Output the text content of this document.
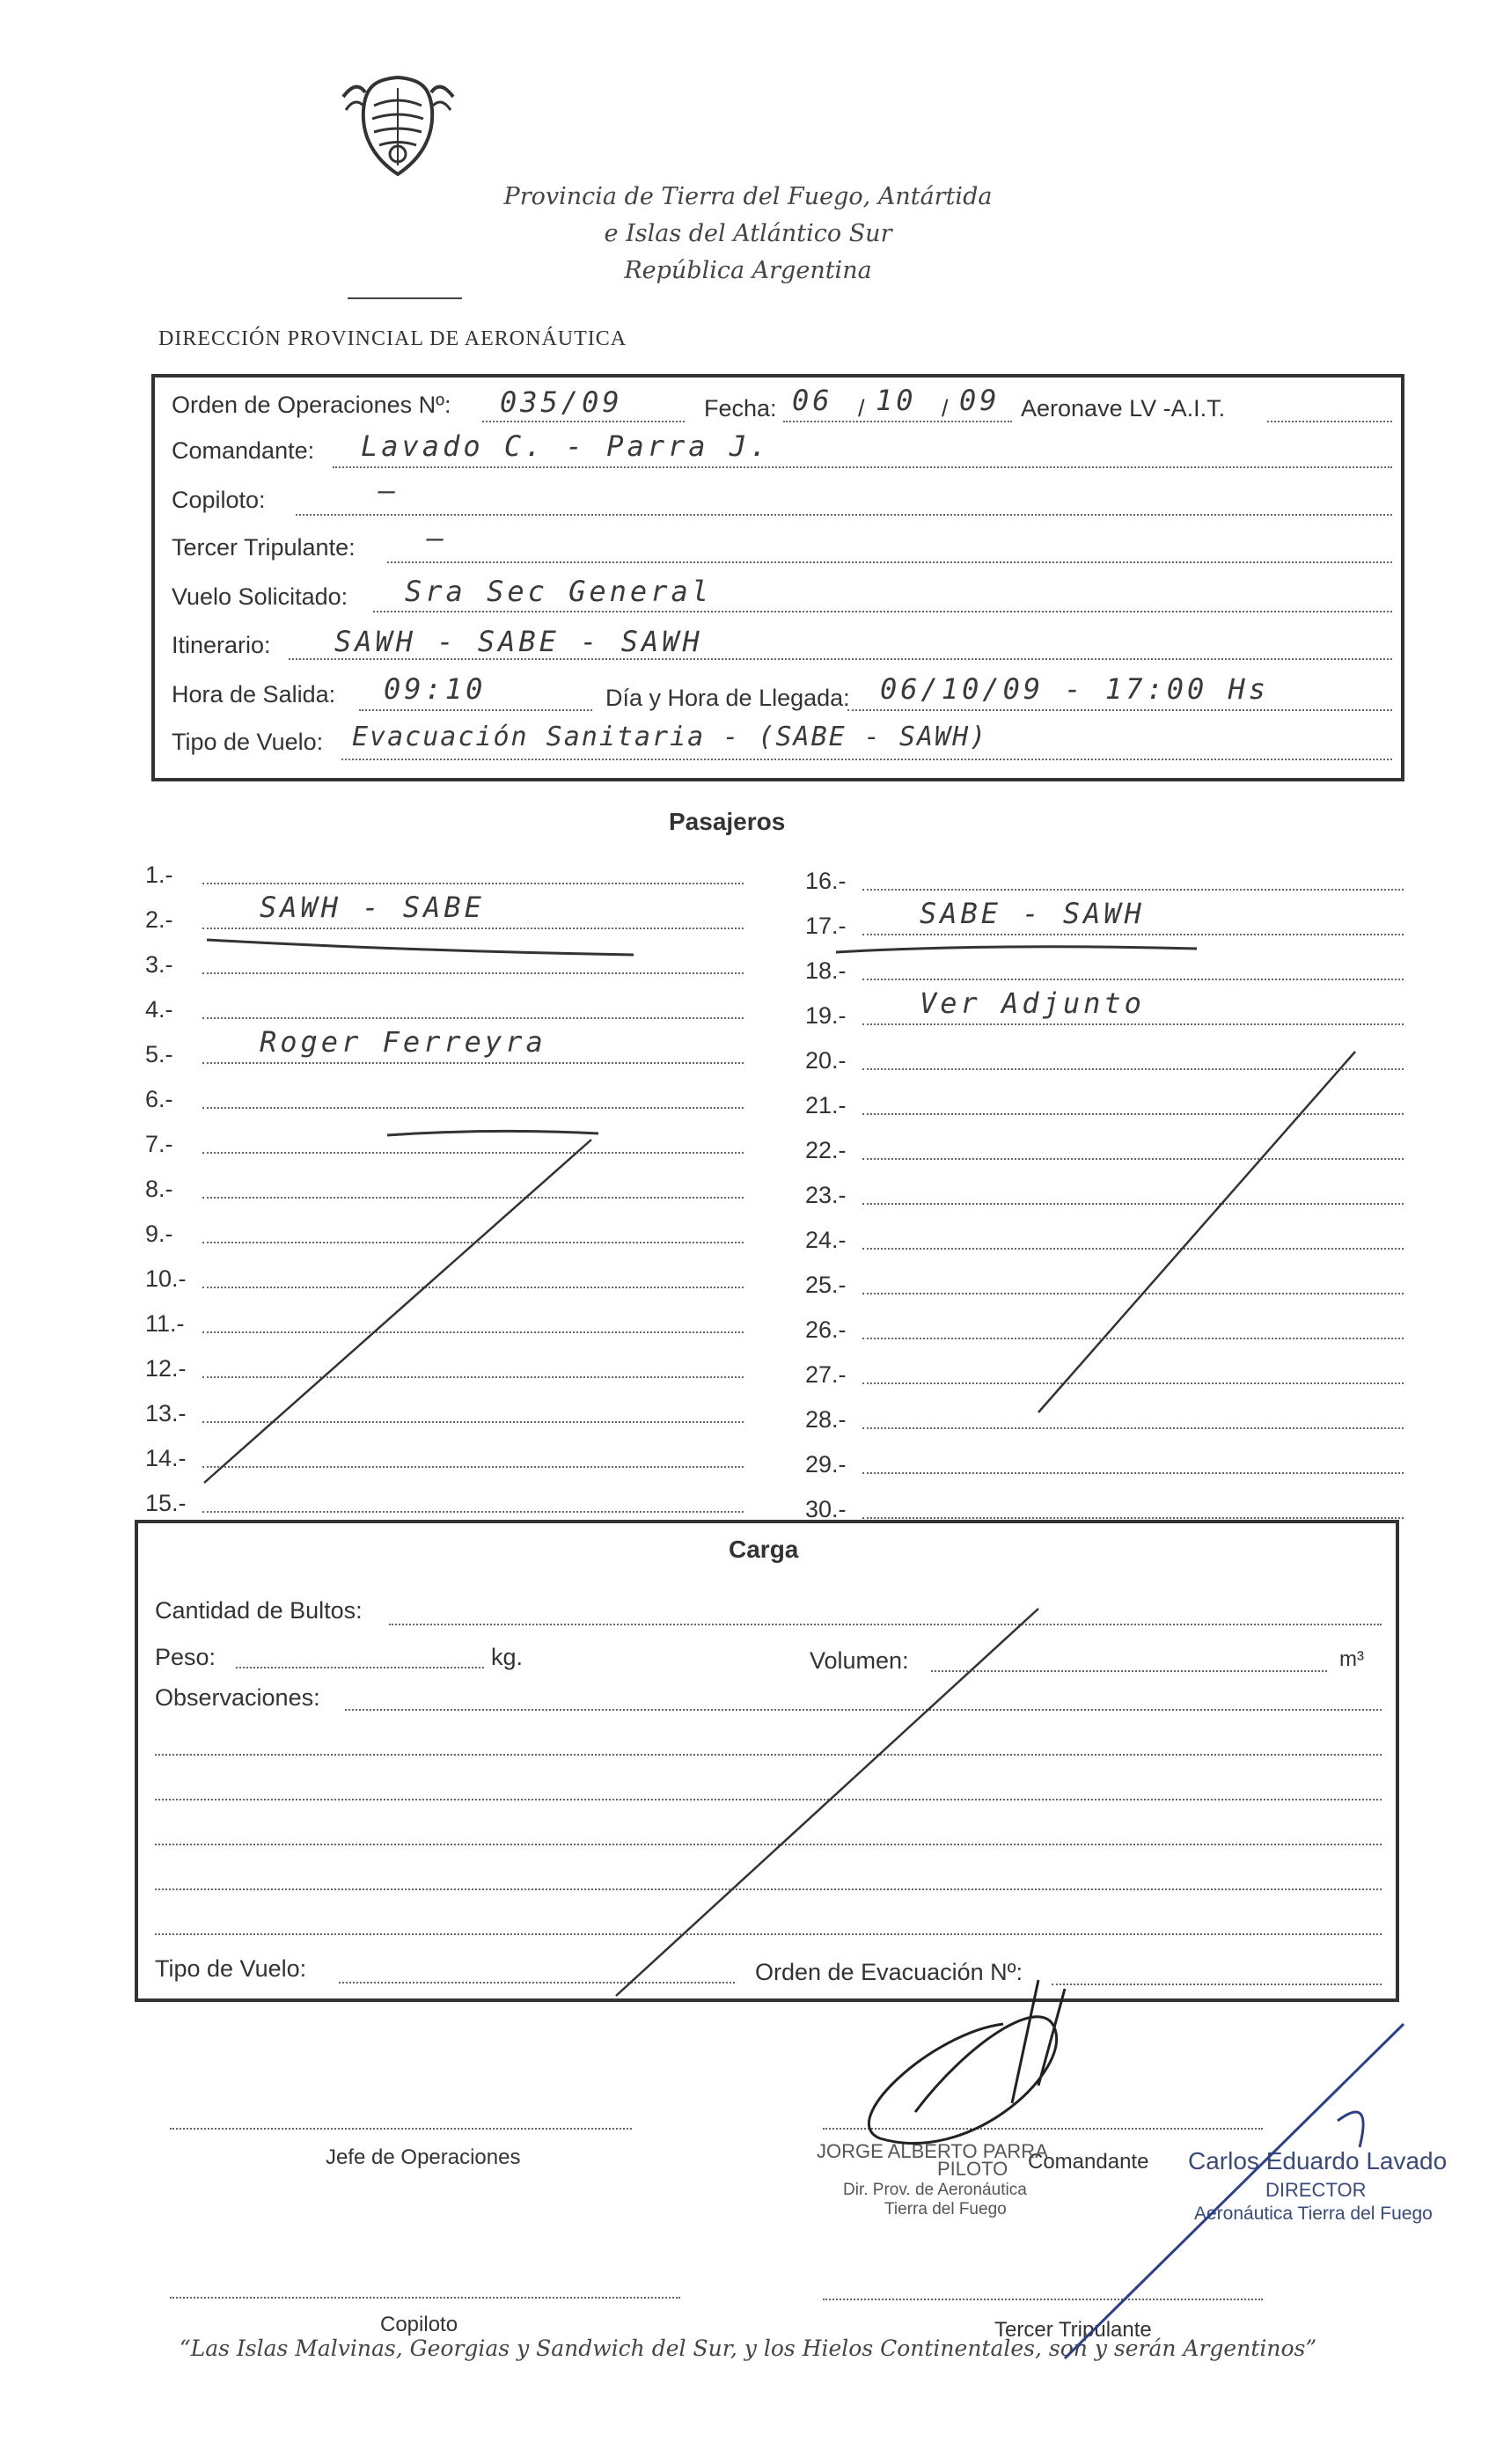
Provincia de Tierra del Fuego, Antártida
e Islas del Atlántico Sur
República Argentina
DIRECCIÓN PROVINCIAL DE AERONÁUTICA
Orden de Operaciones Nº: 035/09	Fecha: 06 / 10 / 09 Aeronave LV -A.I.T.
Comandante: Lavado C. - Parra J.
Copiloto:	—
Tercer Tripulante:	—
Vuelo Solicitado: Sra Sec General
Itinerario: SAWH - SABE - SAWH
Hora de Salida: 09:10	Día y Hora de Llegada: 06/10/09 - 17:00 Hs
Tipo de Vuelo: Evacuación Sanitaria - (SABE - SAWH)
Pasajeros
1.-
2.-	SAWH - SABE
3.-
4.-
5.-	Roger Ferreyra
6.-
7.-
8.-
9.-
10.-
11.-
12.-
13.-
14.-
15.-
16.-
17.-	SABE - SAWH
18.-
19.-	Ver Adjunto
20.-
21.-
22.-
23.-
24.-
25.-
26.-
27.-
28.-
29.-
30.-
Carga
Cantidad de Bultos:
Peso:	kg.	Volumen:	m³
Observaciones:
Tipo de Vuelo:	Orden de Evacuación Nº:
Jefe de Operaciones	Comandante
JORGE ALBERTO PARRA
PILOTO
Dir. Prov. de Aeronáutica
Tierra del Fuego
Carlos Eduardo Lavado
DIRECTOR
Aeronáutica Tierra del Fuego
Copiloto	Tercer Tripulante
“Las Islas Malvinas, Georgias y Sandwich del Sur, y los Hielos Continentales, son y serán Argentinos”
